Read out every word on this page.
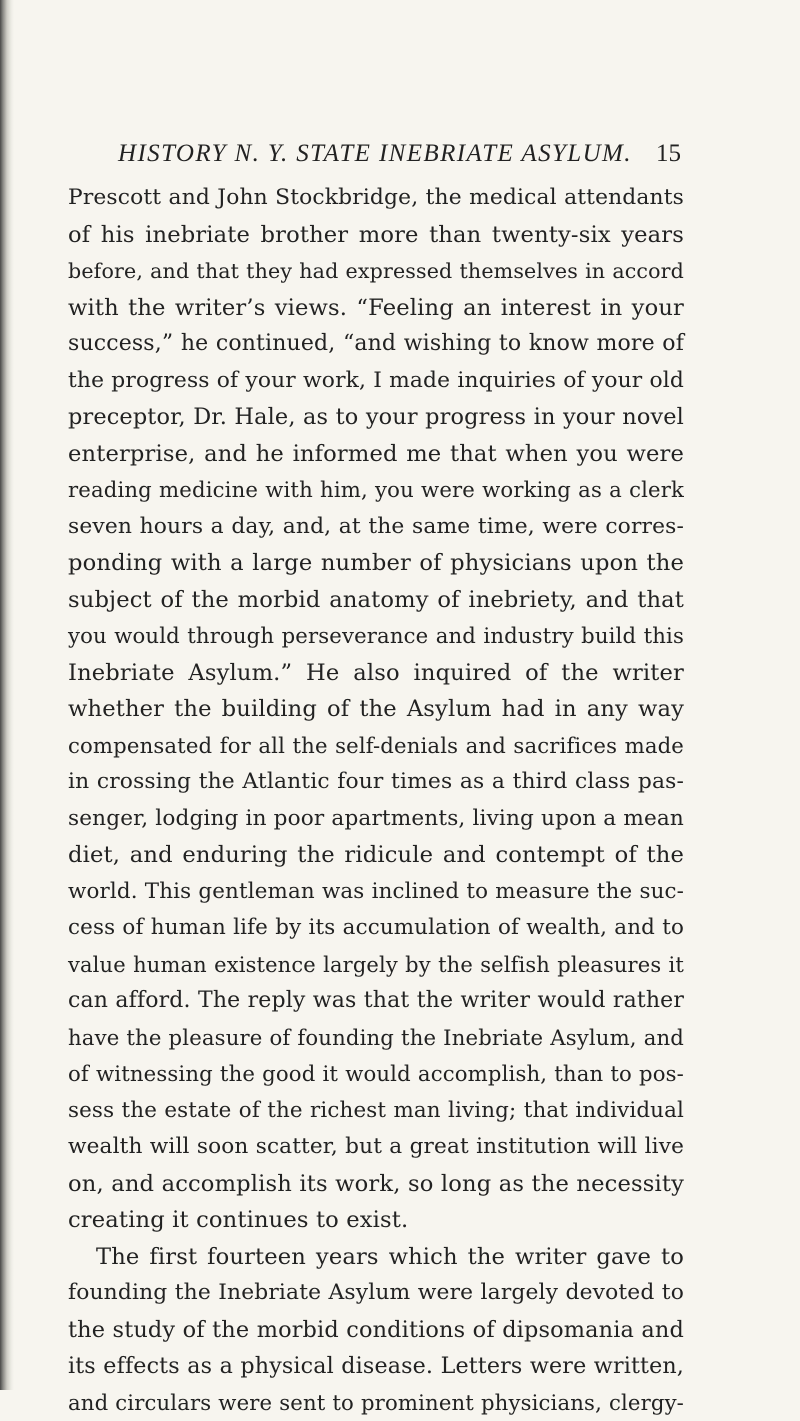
HISTORY N. Y. STATE INEBRIATE ASYLUM. 15
Prescott and John Stockbridge, the medical attendants
of his inebriate brother more than twenty-six years
before, and that they had expressed themselves in accord
with the writer’s views. “Feeling an interest in your
success,” he continued, “and wishing to know more of
the progress of your work, I made inquiries of your old
preceptor, Dr. Hale, as to your progress in your novel
enterprise, and he informed me that when you were
reading medicine with him, you were working as a clerk
seven hours a day, and, at the same time, were corres-
ponding with a large number of physicians upon the
subject of the morbid anatomy of inebriety, and that
you would through perseverance and industry build this
Inebriate Asylum.” He also inquired of the writer
whether the building of the Asylum had in any way
compensated for all the self-denials and sacrifices made
in crossing the Atlantic four times as a third class pas-
senger, lodging in poor apartments, living upon a mean
diet, and enduring the ridicule and contempt of the
world. This gentleman was inclined to measure the suc-
cess of human life by its accumulation of wealth, and to
value human existence largely by the selfish pleasures it
can afford. The reply was that the writer would rather
have the pleasure of founding the Inebriate Asylum, and
of witnessing the good it would accomplish, than to pos-
sess the estate of the richest man living; that individual
wealth will soon scatter, but a great institution will live
on, and accomplish its work, so long as the necessity
creating it continues to exist.
The first fourteen years which the writer gave to
founding the Inebriate Asylum were largely devoted to
the study of the morbid conditions of dipsomania and
its effects as a physical disease. Letters were written,
and circulars were sent to prominent physicians, clergy-
